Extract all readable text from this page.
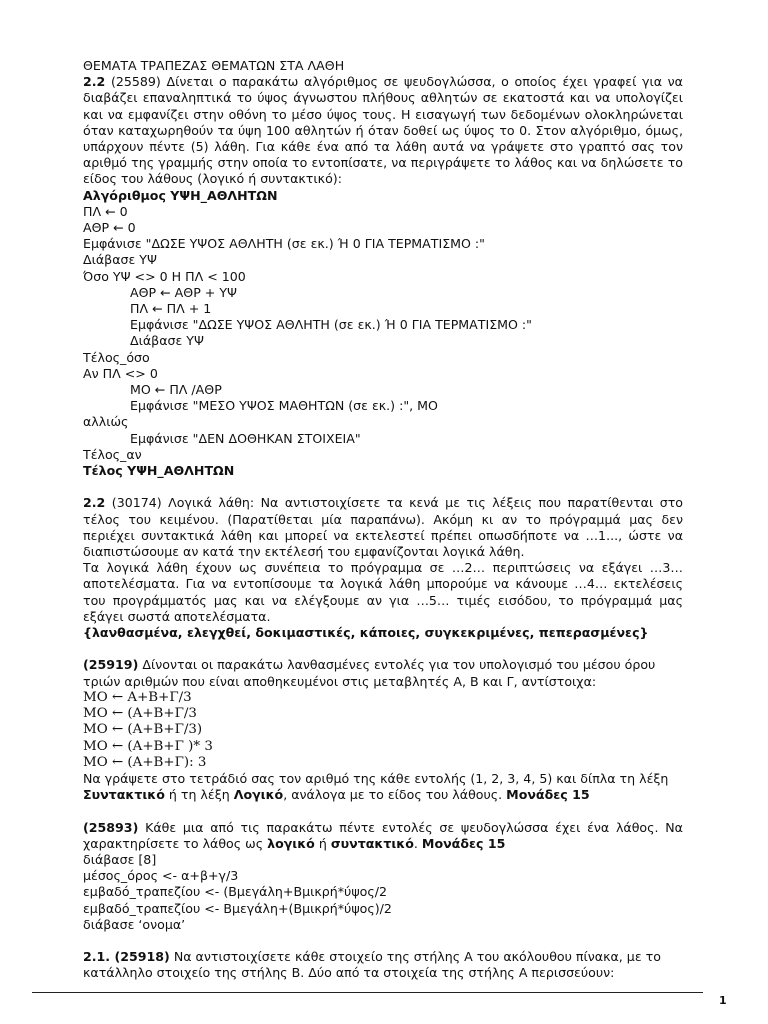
ΘΕΜΑΤΑ ΤΡΑΠΕΖΑΣ ΘΕΜΑΤΩΝ ΣΤΑ ΛΑΘΗ

2.2 (25589) Δίνεται ο παρακάτω αλγόριθμος σε ψευδογλώσσα, ο οποίος έχει γραφεί για να διαβάζει επαναληπτικά το ύψος άγνωστου πλήθους αθλητών σε εκατοστά και να υπολογίζει και να εμφανίζει στην οθόνη το μέσο ύψος τους. Η εισαγωγή των δεδομένων ολοκληρώνεται όταν καταχωρηθούν τα ύψη 100 αθλητών ή όταν δοθεί ως ύψος το 0. Στον αλγόριθμο, όμως, υπάρχουν πέντε (5) λάθη. Για κάθε ένα από τα λάθη αυτά να γράψετε στο γραπτό σας τον αριθμό της γραμμής στην οποία το εντοπίσατε, να περιγράψετε το λάθος και να δηλώσετε το είδος του λάθους (λογικό ή συντακτικό):

Αλγόριθμος ΥΨΗ_ΑΘΛΗΤΩΝ

ΠΛ ← 0

ΑΘΡ ← 0

Εμφάνισε "ΔΩΣΕ ΥΨΟΣ ΑΘΛΗΤΗ (σε εκ.) Ή 0 ΓΙΑ ΤΕΡΜΑΤΙΣΜΟ :"

Διάβασε ΥΨ

Όσο ΥΨ <> 0 Η ΠΛ < 100

ΑΘΡ ← ΑΘΡ + ΥΨ

ΠΛ ← ΠΛ + 1

Εμφάνισε "ΔΩΣΕ ΥΨΟΣ ΑΘΛΗΤΗ (σε εκ.) Ή 0 ΓΙΑ ΤΕΡΜΑΤΙΣΜΟ :"

Διάβασε ΥΨ

Τέλος_όσο

Αν ΠΛ <> 0

ΜΟ ← ΠΛ /ΑΘΡ

Εμφάνισε "ΜΕΣΟ ΥΨΟΣ ΜΑΘΗΤΩΝ (σε εκ.) :", ΜΟ

αλλιώς

Εμφάνισε "ΔΕΝ ΔΟΘΗΚΑΝ ΣΤΟΙΧΕΙΑ"

Τέλος_αν

Τέλος ΥΨΗ_ΑΘΛΗΤΩΝ

2.2 (30174) Λογικά λάθη: Να αντιστοιχίσετε τα κενά με τις λέξεις που παρατίθενται στο τέλος του κειμένου. (Παρατίθεται μία παραπάνω). Ακόμη κι αν το πρόγραμμά μας δεν περιέχει συντακτικά λάθη και μπορεί να εκτελεστεί πρέπει οπωσδήποτε να …1..., ώστε να διαπιστώσουμε αν κατά την εκτέλεσή του εμφανίζονται λογικά λάθη.

Τα λογικά λάθη έχουν ως συνέπεια το πρόγραμμα σε …2… περιπτώσεις να εξάγει …3… αποτελέσματα. Για να εντοπίσουμε τα λογικά λάθη μπορούμε να κάνουμε …4… εκτελέσεις του προγράμματός μας και να ελέγξουμε αν για …5… τιμές εισόδου, το πρόγραμμά μας εξάγει σωστά αποτελέσματα.

{λανθασμένα, ελεγχθεί, δοκιμαστικές, κάποιες, συγκεκριμένες, πεπερασμένες}

(25919) Δίνονται οι παρακάτω λανθασμένες εντολές για τον υπολογισμό του μέσου όρου τριών αριθμών που είναι αποθηκευμένοι στις μεταβλητές Α, Β και Γ, αντίστοιχα:

ΜΟ ← Α+Β+Γ/3

ΜΟ ← (Α+Β+Γ/3

ΜΟ ← (Α+Β+Γ/3)

ΜΟ ← (Α+Β+Γ )* 3

ΜΟ ← (Α+Β+Γ): 3

Να γράψετε στο τετράδιό σας τον αριθμό της κάθε εντολής (1, 2, 3, 4, 5) και δίπλα τη λέξη Συντακτικό ή τη λέξη Λογικό, ανάλογα με το είδος του λάθους. Μονάδες 15

(25893) Κάθε μια από τις παρακάτω πέντε εντολές σε ψευδογλώσσα έχει ένα λάθος. Να χαρακτηρίσετε το λάθος ως λογικό ή συντακτικό. Μονάδες 15

διάβασε [8]

μέσος_όρος <- α+β+γ/3

εμβαδό_τραπεζίου <- (Βμεγάλη+Βμικρή*ύψος/2

εμβαδό_τραπεζίου <- Βμεγάλη+(Βμικρή*ύψος)/2

διάβασε ‘ονομα’

2.1. (25918) Να αντιστοιχίσετε κάθε στοιχείο της στήλης Α του ακόλουθου πίνακα, με το κατάλληλο στοιχείο της στήλης Β. Δύο από τα στοιχεία της στήλης Α περισσεύουν:

1
